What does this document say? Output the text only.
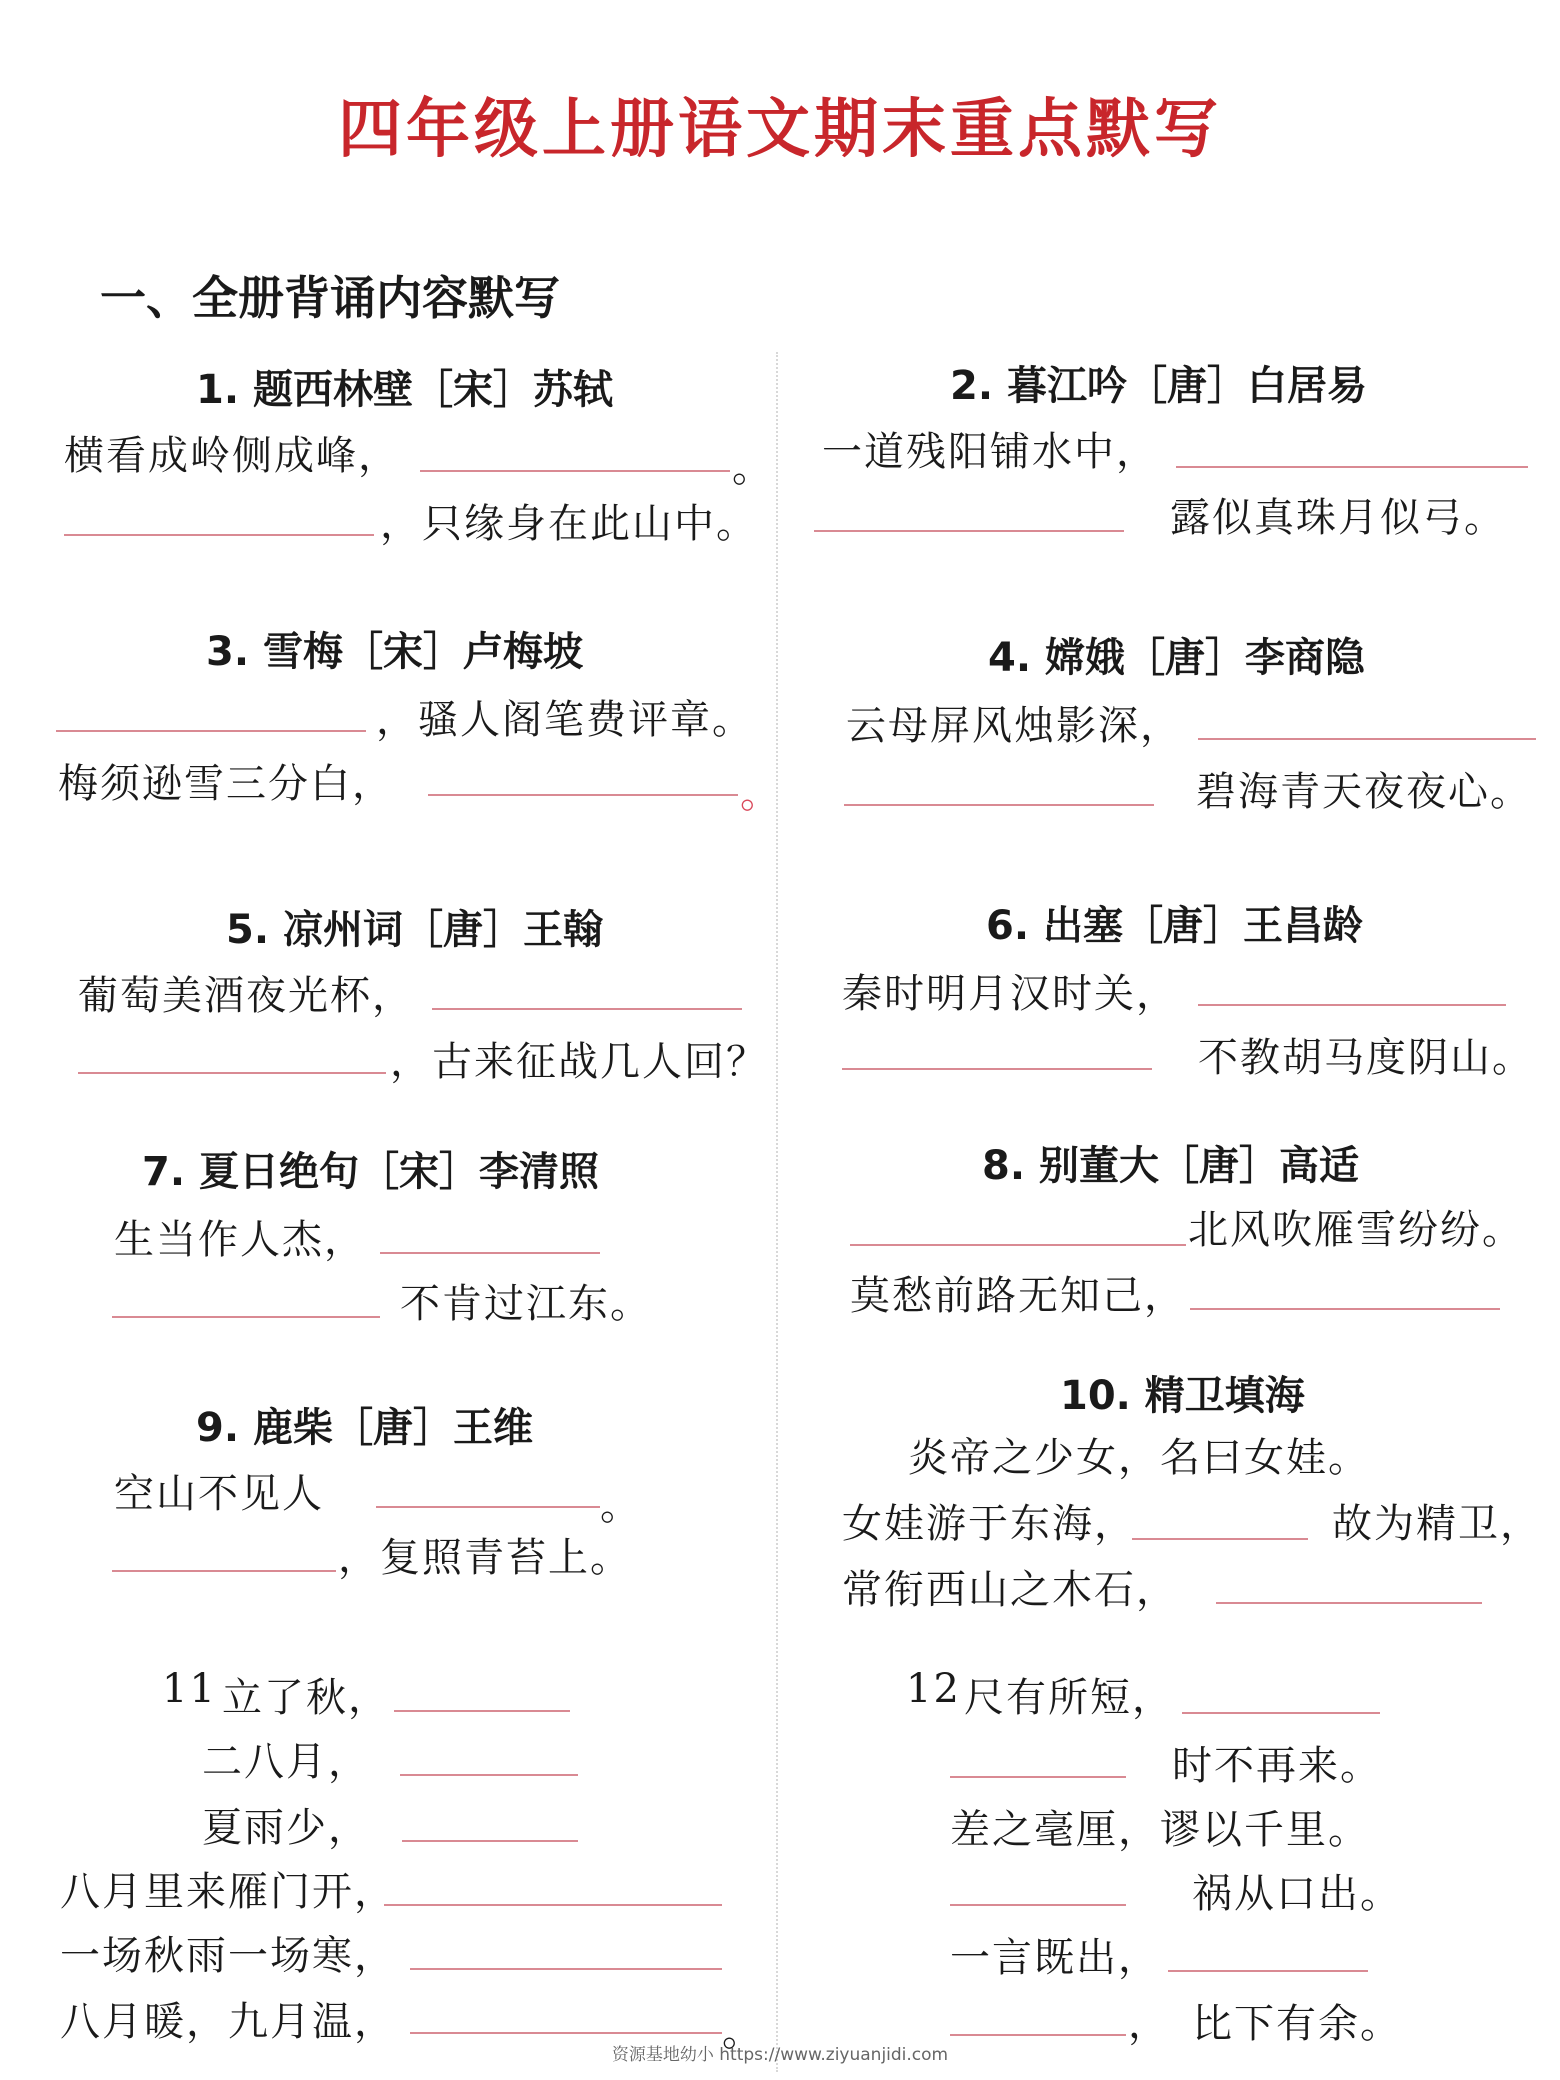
四年级上册语文期末重点默写
一、全册背诵内容默写
1. 题西林壁［宋］苏轼
横看成岭侧成峰，	。
，只缘身在此山中。
2. 暮江吟［唐］白居易
一道残阳铺水中，
露似真珠月似弓。
3. 雪梅［宋］卢梅坡
，骚人阁笔费评章。
梅须逊雪三分白，	。
4. 嫦娥［唐］李商隐
云母屏风烛影深，
碧海青天夜夜心。
5. 凉州词［唐］王翰
葡萄美酒夜光杯，
，古来征战几人回？
6. 出塞［唐］王昌龄
秦时明月汉时关，
不教胡马度阴山。
7. 夏日绝句［宋］李清照
生当作人杰，
不肯过江东。
8. 别董大［唐］高适
北风吹雁雪纷纷。
莫愁前路无知己，
9. 鹿柴［唐］王维
空山不见人	。
，复照青苔上。
10. 精卫填海
炎帝之少女，名曰女娃。
女娃游于东海，	故为精卫，
常衔西山之木石，
11 立了秋，
二八月，
夏雨少，
八月里来雁门开，
一场秋雨一场寒，
八月暖，九月温，	。
12 尺有所短，
时不再来。
差之毫厘，谬以千里。
祸从口出。
一言既出，
， 比下有余。
资源基地幼小 https://www.ziyuanjidi.com
